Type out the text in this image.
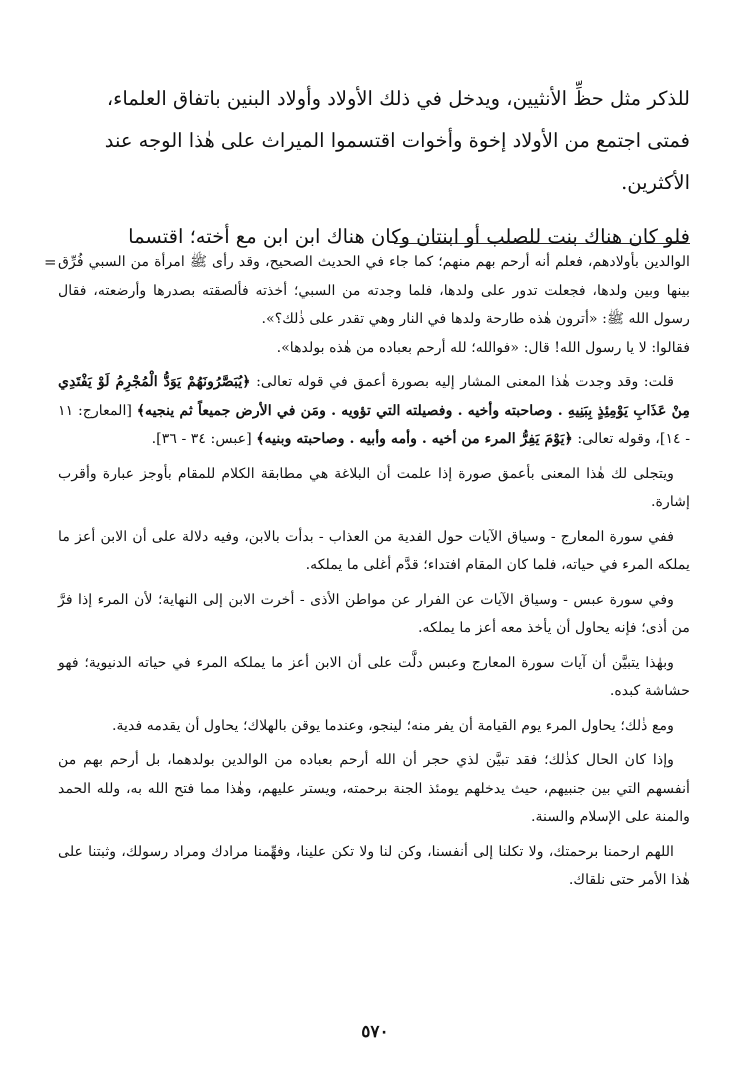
للذكر مثل حظِّ الأنثيين، ويدخل في ذلك الأولاد وأولاد البنين باتفاق العلماء،

فمتى اجتمع من الأولاد إخوة وأخوات اقتسموا الميراث على هٰذا الوجه عند

الأكثرين.

فلو كان هناك بنت للصلب أو ابنتان وكان هناك ابن ابن مع أخته؛ اقتسما

= الوالدين بأولادهم، فعلم أنه أرحم بهم منهم؛ كما جاء في الحديث الصحيح، وقد رأى ﷺ امرأة من السبي فُرِّق بينها وبين ولدها، فجعلت تدور على ولدها، فلما وجدته من السبي؛ أخذته فألصقته بصدرها وأرضعته، فقال رسول الله ﷺ: «أترون هٰذه طارحة ولدها في النار وهي تقدر على ذٰلك؟».

فقالوا: لا يا رسول الله! قال: «فوالله؛ لله أرحم بعباده من هٰذه بولدها».

قلت: وقد وجدت هٰذا المعنى المشار إليه بصورة أعمق في قوله تعالى: ﴿يُبَصَّرُونَهُمْ يَوَدُّ الْمُجْرِمُ لَوْ يَفْتَدِي مِنْ عَذَابِ يَوْمِئِذٍ بِبَنِيهِ . وصاحبته وأخيه . وفصيلته التي تؤويه . ومَن في الأرض جميعاً ثم ينجيه﴾ [المعارج: ١١ - ١٤]، وقوله تعالى: ﴿يَوْمَ يَفِرُّ المرء من أخيه . وأمه وأبيه . وصاحبته وبنيه﴾ [عبس: ٣٤ - ٣٦].

ويتجلى لك هٰذا المعنى بأعمق صورة إذا علمت أن البلاغة هي مطابقة الكلام للمقام بأوجز عبارة وأقرب إشارة.

ففي سورة المعارج - وسياق الآيات حول الفدية من العذاب - بدأت بالابن، وفيه دلالة على أن الابن أعز ما يملكه المرء في حياته، فلما كان المقام افتداء؛ قدَّم أغلى ما يملكه.

وفي سورة عبس - وسياق الآيات عن الفرار عن مواطن الأذى - أخرت الابن إلى النهاية؛ لأن المرء إذا فرَّ من أذى؛ فإنه يحاول أن يأخذ معه أعز ما يملكه.

وبهٰذا يتبيَّن أن آيات سورة المعارج وعبس دلَّت على أن الابن أعز ما يملكه المرء في حياته الدنيوية؛ فهو حشاشة كبده.

ومع ذٰلك؛ يحاول المرء يوم القيامة أن يفر منه؛ لينجو، وعندما يوقن بالهلاك؛ يحاول أن يقدمه فدية.

وإذا كان الحال كذٰلك؛ فقد تبيَّن لذي حجر أن الله أرحم بعباده من الوالدين بولدهما، بل أرحم بهم من أنفسهم التي بين جنبيهم، حيث يدخلهم يومئذ الجنة برحمته، ويستر عليهم، وهٰذا مما فتح الله به، ولله الحمد والمنة على الإسلام والسنة.

اللهم ارحمنا برحمتك، ولا تكلنا إلى أنفسنا، وكن لنا ولا تكن علينا، وفهِّمنا مرادك ومراد رسولك، وثبتنا على هٰذا الأمر حتى نلقاك.

٥٧٠
